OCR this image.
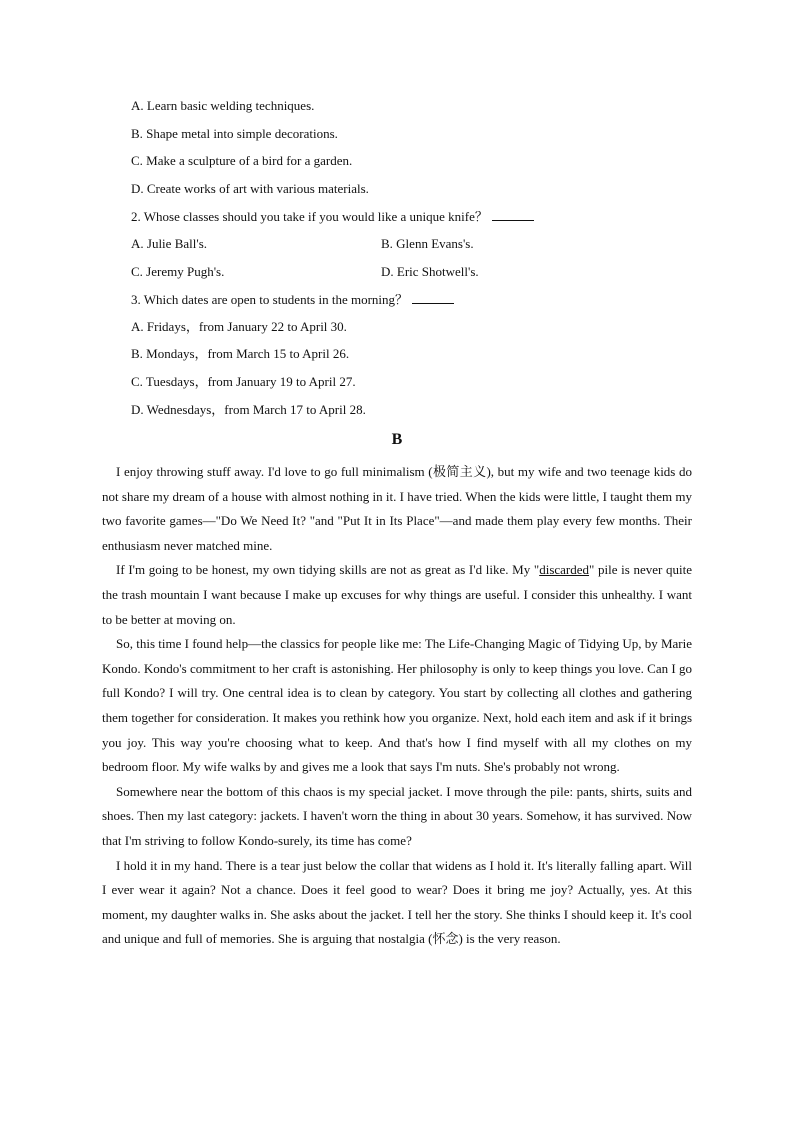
A. Learn basic welding techniques.
B. Shape metal into simple decorations.
C. Make a sculpture of a bird for a garden.
D. Create works of art with various materials.
2. Whose classes should you take if you would like a unique knife？
A. Julie Ball's.	B. Glenn Evans's.
C. Jeremy Pugh's.	D. Eric Shotwell's.
3. Which dates are open to students in the morning？
A. Fridays，from January 22 to April 30.
B. Mondays，from March 15 to April 26.
C. Tuesdays，from January 19 to April 27.
D. Wednesdays，from March 17 to April 28.
B

I enjoy throwing stuff away. I'd love to go full minimalism (极简主义), but my wife and two teenage kids do not share my dream of a house with almost nothing in it. I have tried. When the kids were little, I taught them my two favorite games—"Do We Need It? "and "Put It in Its Place"—and made them play every few months. Their enthusiasm never matched mine.

If I'm going to be honest, my own tidying skills are not as great as I'd like. My "discarded" pile is never quite the trash mountain I want because I make up excuses for why things are useful. I consider this unhealthy. I want to be better at moving on.

So, this time I found help—the classics for people like me: The Life-Changing Magic of Tidying Up, by Marie Kondo. Kondo's commitment to her craft is astonishing. Her philosophy is only to keep things you love. Can I go full Kondo? I will try. One central idea is to clean by category. You start by collecting all clothes and gathering them together for consideration. It makes you rethink how you organize. Next, hold each item and ask if it brings you joy. This way you're choosing what to keep. And that's how I find myself with all my clothes on my bedroom floor. My wife walks by and gives me a look that says I'm nuts. She's probably not wrong.

Somewhere near the bottom of this chaos is my special jacket. I move through the pile: pants, shirts, suits and shoes. Then my last category: jackets. I haven't worn the thing in about 30 years. Somehow, it has survived. Now that I'm striving to follow Kondo-surely, its time has come?

I hold it in my hand. There is a tear just below the collar that widens as I hold it. It's literally falling apart. Will I ever wear it again? Not a chance. Does it feel good to wear? Does it bring me joy? Actually, yes. At this moment, my daughter walks in. She asks about the jacket. I tell her the story. She thinks I should keep it. It's cool and unique and full of memories. She is arguing that nostalgia (怀念) is the very reason.
